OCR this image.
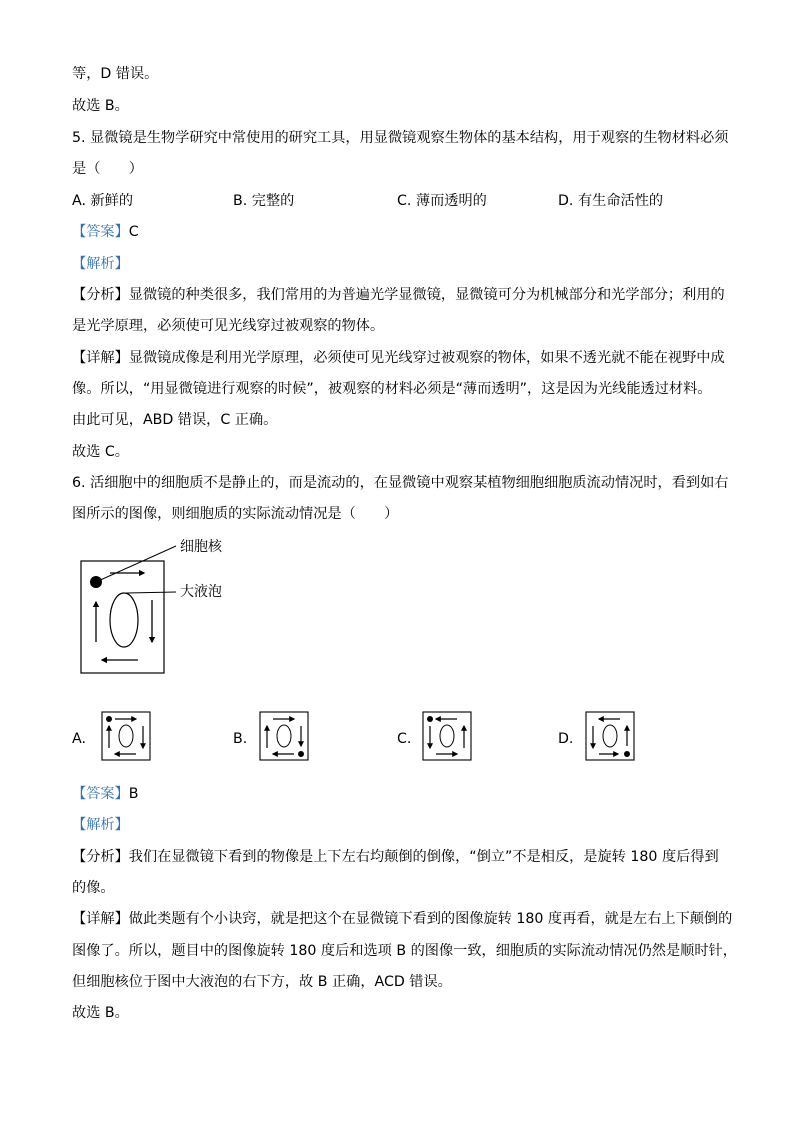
等，D 错误。
故选 B。
5. 显微镜是生物学研究中常使用的研究工具，用显微镜观察生物体的基本结构，用于观察的生物材料必须
是（　　）
A. 新鲜的	B. 完整的	C. 薄而透明的	D. 有生命活性的
【答案】C
【解析】
【分析】显微镜的种类很多，我们常用的为普遍光学显微镜，显微镜可分为机械部分和光学部分；利用的
是光学原理，必须使可见光线穿过被观察的物体。
【详解】显微镜成像是利用光学原理，必须使可见光线穿过被观察的物体，如果不透光就不能在视野中成
像。所以，“用显微镜进行观察的时候”，被观察的材料必须是“薄而透明”，这是因为光线能透过材料。
由此可见，ABD 错误，C 正确。
故选 C。
6. 活细胞中的细胞质不是静止的，而是流动的，在显微镜中观察某植物细胞细胞质流动情况时，看到如右
图所示的图像，则细胞质的实际流动情况是（　　）
细胞核
大液泡
A.	B.	C.	D.
【答案】B
【解析】
【分析】我们在显微镜下看到的物像是上下左右均颠倒的倒像，“倒立”不是相反，是旋转 180 度后得到
的像。
【详解】做此类题有个小诀窍，就是把这个在显微镜下看到的图像旋转 180 度再看，就是左右上下颠倒的
图像了。所以，题目中的图像旋转 180 度后和选项 B 的图像一致，细胞质的实际流动情况仍然是顺时针，
但细胞核位于图中大液泡的右下方，故 B 正确，ACD 错误。
故选 B。
